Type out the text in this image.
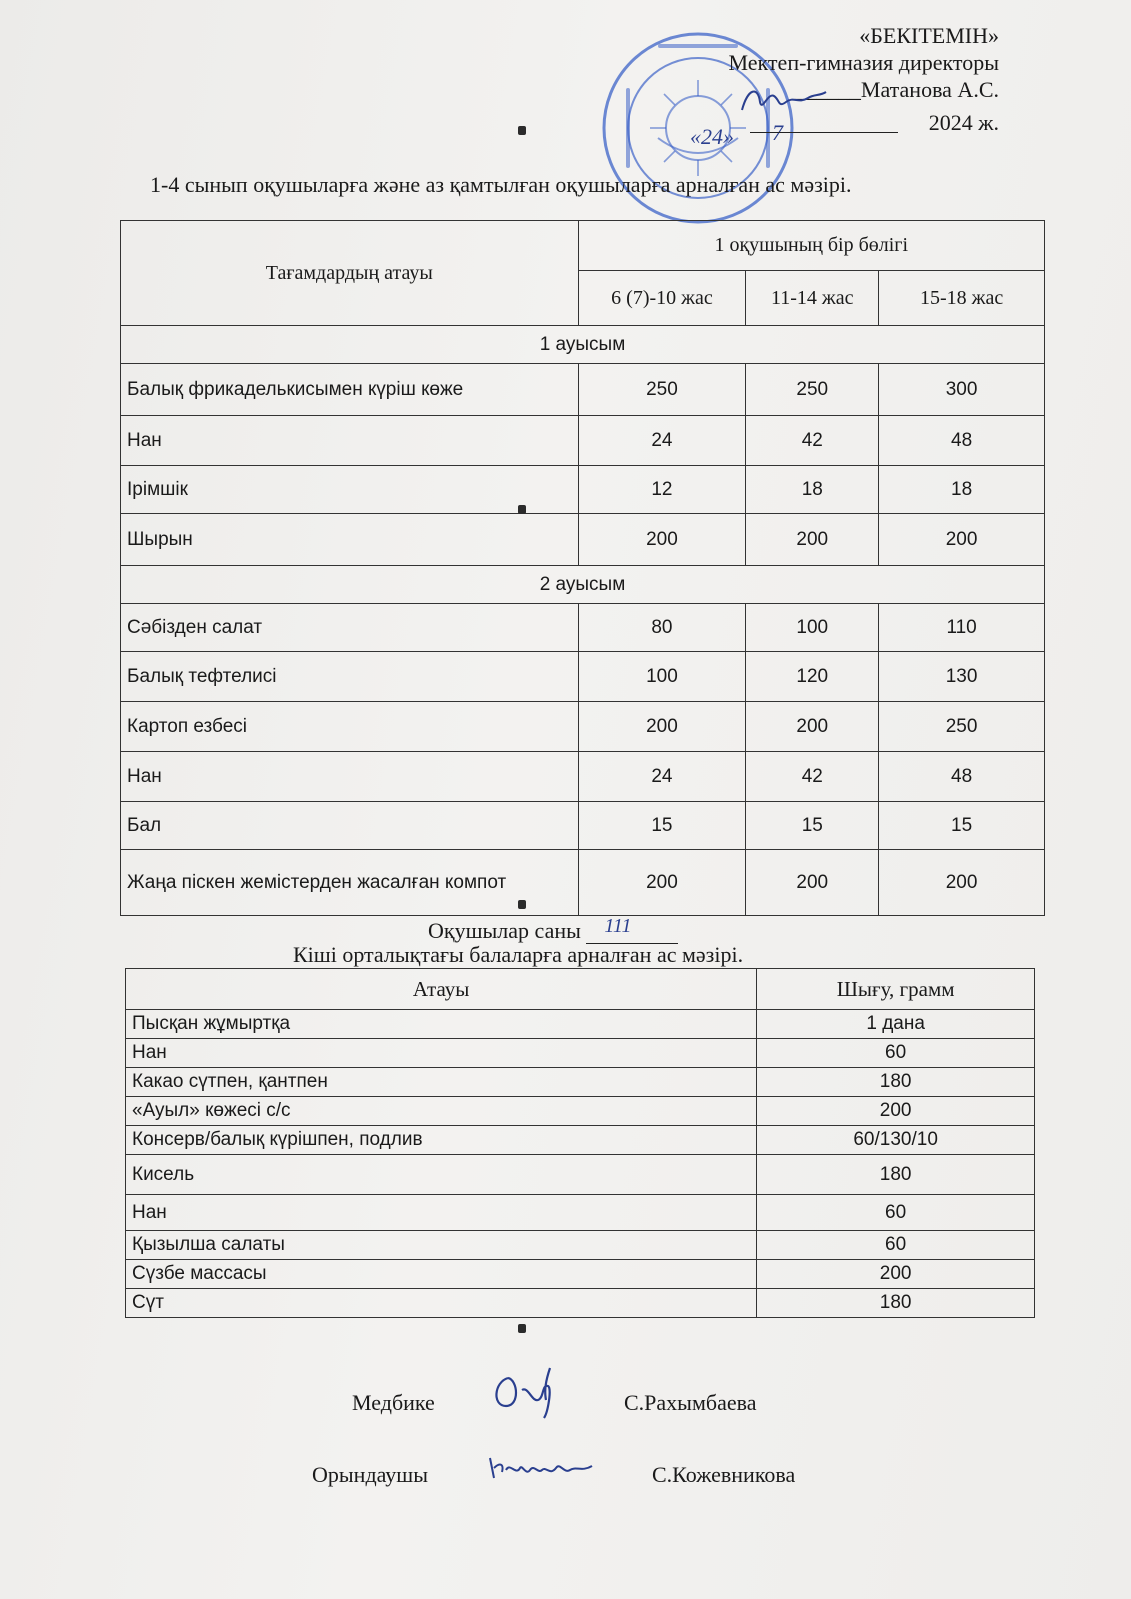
«БЕКІТЕМІН»
Мектеп-гимназия директоры
______Матанова А.С.
«24» 7	2024 ж.
1-4 сынып оқушыларға және аз қамтылған оқушыларға арналған ас мәзірі.
Тағамдардың атауы	1 оқушының бір бөлігі		
	6 (7)-10 жас	11-14 жас	15-18 жас
1 ауысым			
Балық фрикаделькисымен күріш көже	250	250	300
Нан	24	42	48
Ірімшік	12	18	18
Шырын	200	200	200
2 ауысым			
Сәбізден салат	80	100	110
Балық тефтелисі	100	120	130
Картоп езбесі	200	200	250
Нан	24	42	48
Бал	15	15	15
Жаңа піскен жемістерден жасалған компот	200	200	200
Оқушылар саны 111
Кіші орталықтағы балаларға арналған ас мәзірі.
Атауы	Шығу, грамм
Пысқан жұмыртқа	1 дана
Нан	60
Какао сүтпен, қантпен	180
«Ауыл» көжесі с/с	200
Консерв/балық күрішпен, подлив	60/130/10
Кисель	180
Нан	60
Қызылша салаты	60
Сүзбе массасы	200
Сүт	180
Медбике	С.Рахымбаева
Орындаушы	С.Кожевникова
